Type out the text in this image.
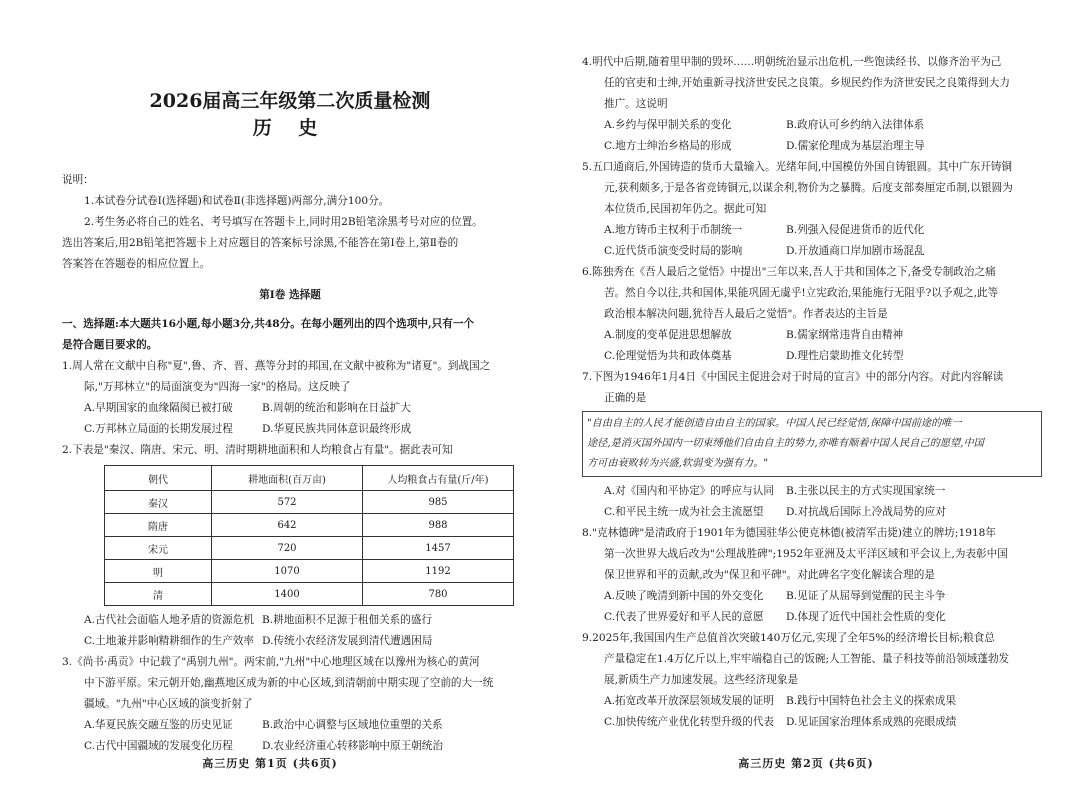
2026届高三年级第二次质量检测
历 史
说明：
1.本试卷分试卷Ⅰ(选择题)和试卷Ⅱ(非选择题)两部分,满分100分。
2.考生务必将自己的姓名、考号填写在答题卡上,同时用2B铅笔涂黑考号对应的位置。
选出答案后,用2B铅笔把答题卡上对应题目的答案标号涂黑,不能答在第Ⅰ卷上,第Ⅱ卷的
答案答在答题卷的相应位置上。
第Ⅰ卷 选择题
一、选择题:本大题共16小题,每小题3分,共48分。在每小题列出的四个选项中,只有一个
是符合题目要求的。
1.周人常在文献中自称"夏",鲁、齐、晋、燕等分封的邦国,在文献中被称为"诸夏"。到战国之
际,"万邦林立"的局面演变为"四海一家"的格局。这反映了
A.早期国家的血缘隔阂已被打破	B.周朝的统治和影响在日益扩大
C.万邦林立局面的长期发展过程	D.华夏民族共同体意识最终形成
2.下表是"秦汉、隋唐、宋元、明、清时期耕地面积和人均粮食占有量"。据此表可知
朝代	耕地面积(百万亩)	人均粮食占有量(斤/年)
秦汉	572	985
隋唐	642	988
宋元	720	1457
明	1070	1192
清	1400	780
A.古代社会面临人地矛盾的资源危机 B.耕地面积不足源于租佃关系的盛行
C.土地兼并影响精耕细作的生产效率 D.传统小农经济发展到清代遭遇困局
3.《尚书·禹贡》中记载了"禹别九州"。两宋前,"九州"中心地理区域在以豫州为核心的黄河
中下游平原。宋元朝开始,幽燕地区成为新的中心区域,到清朝前中期实现了空前的大一统
疆域。"九州"中心区域的演变折射了
A.华夏民族交融互鉴的历史见证	B.政治中心调整与区域地位重塑的关系
C.古代中国疆域的发展变化历程	D.农业经济重心转移影响中原王朝统治
高三历史 第1页 (共6页)
4.明代中后期,随着里甲制的毁坏……明朝统治显示出危机,一些饱读经书、以修齐治平为己
任的官吏和士绅,开始重新寻找济世安民之良策。乡规民约作为济世安民之良策得到大力
推广。这说明
A.乡约与保甲制关系的变化	B.政府认可乡约纳入法律体系
C.地方士绅治乡格局的形成	D.儒家伦理成为基层治理主导
5.五口通商后,外国铸造的货币大量输入。光绪年间,中国模仿外国自铸银圆。其中广东开铸铜
元,获利颇多,于是各省竞铸铜元,以谋余利,物价为之暴腾。后度支部奏厘定币制,以银圆为
本位货币,民国初年仍之。据此可知
A.地方铸币主权利于币制统一	B.列强入侵促进货币的近代化
C.近代货币演变受时局的影响	D.开放通商口岸加剧市场混乱
6.陈独秀在《吾人最后之觉悟》中提出"三年以来,吾人于共和国体之下,备受专制政治之痛
苦。然自今以往,共和国体,果能巩固无虞乎!立宪政治,果能施行无阻乎?以予观之,此等
政治根本解决问题,犹待吾人最后之觉悟"。作者表达的主旨是
A.制度的变革促进思想解放	B.儒家纲常违背自由精神
C.伦理觉悟为共和政体奠基	D.理性启蒙助推文化转型
7.下图为1946年1月4日《中国民主促进会对于时局的宣言》中的部分内容。对此内容解读
正确的是
"自由自主的人民才能创造自由自主的国家。中国人民已经觉悟,保障中国前途的唯一
途径,是消灭国外国内一切束缚他们自由自主的势力,亦唯有顺着中国人民自己的愿望,中国
方可由衰败转为兴盛,软弱变为强有力。"
A.对《国内和平协定》的呼应与认同	B.主张以民主的方式实现国家统一
C.和平民主统一成为社会主流愿望	D.对抗战后国际上冷战局势的应对
8."克林德碑"是清政府于1901年为德国驻华公使克林德(被清军击毙)建立的牌坊;1918年
第一次世界大战后改为"公理战胜碑";1952年亚洲及太平洋区域和平会议上,为表彰中国
保卫世界和平的贡献,改为"保卫和平碑"。对此碑名字变化解读合理的是
A.反映了晚清到新中国的外交变化	B.见证了从屈辱到觉醒的民主斗争
C.代表了世界爱好和平人民的意愿	D.体现了近代中国社会性质的变化
9.2025年,我国国内生产总值首次突破140万亿元,实现了全年5%的经济增长目标;粮食总
产量稳定在1.4万亿斤以上,牢牢端稳自己的饭碗;人工智能、量子科技等前沿领域蓬勃发
展,新质生产力加速发展。这些经济现象是
A.拓宽改革开放深层领域发展的证明	B.践行中国特色社会主义的探索成果
C.加快传统产业优化转型升级的代表	D.见证国家治理体系成熟的亮眼成绩
高三历史 第2页 (共6页)
